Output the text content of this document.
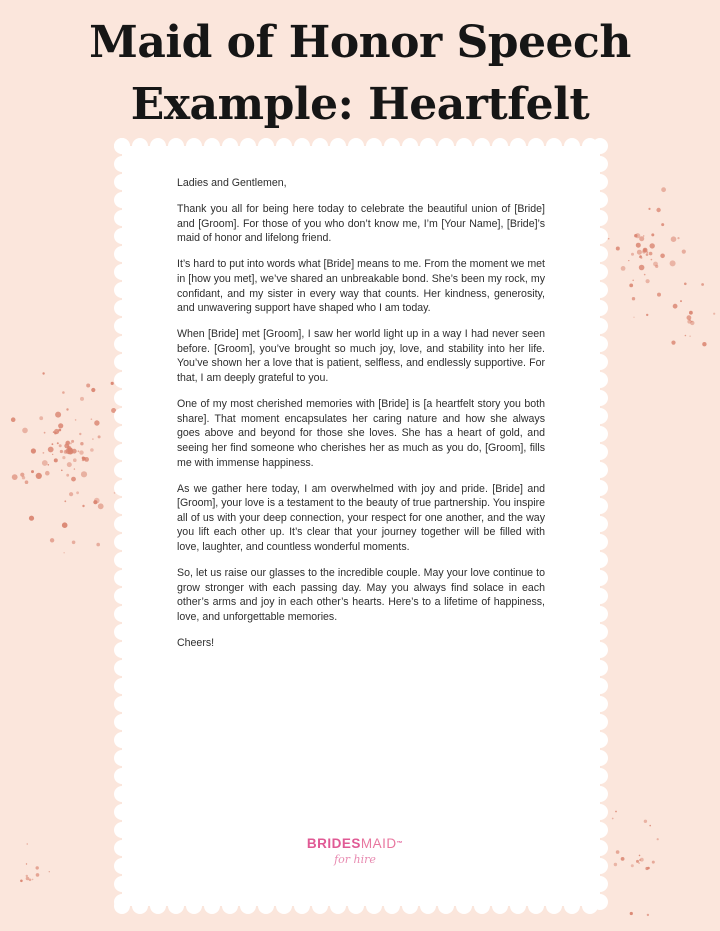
Maid of Honor Speech
Example: Heartfelt

Ladies and Gentlemen,

Thank you all for being here today to celebrate the beautiful union of [Bride] and [Groom]. For those of you who don’t know me, I’m [Your Name], [Bride]’s maid of honor and lifelong friend.

It’s hard to put into words what [Bride] means to me. From the moment we met in [how you met], we’ve shared an unbreakable bond. She’s been my rock, my confidant, and my sister in every way that counts. Her kindness, generosity, and unwavering support have shaped who I am today.

When [Bride] met [Groom], I saw her world light up in a way I had never seen before. [Groom], you’ve brought so much joy, love, and stability into her life. You’ve shown her a love that is patient, selfless, and endlessly supportive. For that, I am deeply grateful to you.

One of my most cherished memories with [Bride] is [a heartfelt story you both share]. That moment encapsulates her caring nature and how she always goes above and beyond for those she loves. She has a heart of gold, and seeing her find someone who cherishes her as much as you do, [Groom], fills me with immense happiness.

As we gather here today, I am overwhelmed with joy and pride. [Bride] and [Groom], your love is a testament to the beauty of true partnership. You inspire all of us with your deep connection, your respect for one another, and the way you lift each other up. It’s clear that your journey together will be filled with love, laughter, and countless wonderful moments.

So, let us raise our glasses to the incredible couple. May your love continue to grow stronger with each passing day. May you always find solace in each other’s arms and joy in each other’s hearts. Here’s to a lifetime of happiness, love, and unforgettable memories.

Cheers!

BRIDESMAID™
for hire
